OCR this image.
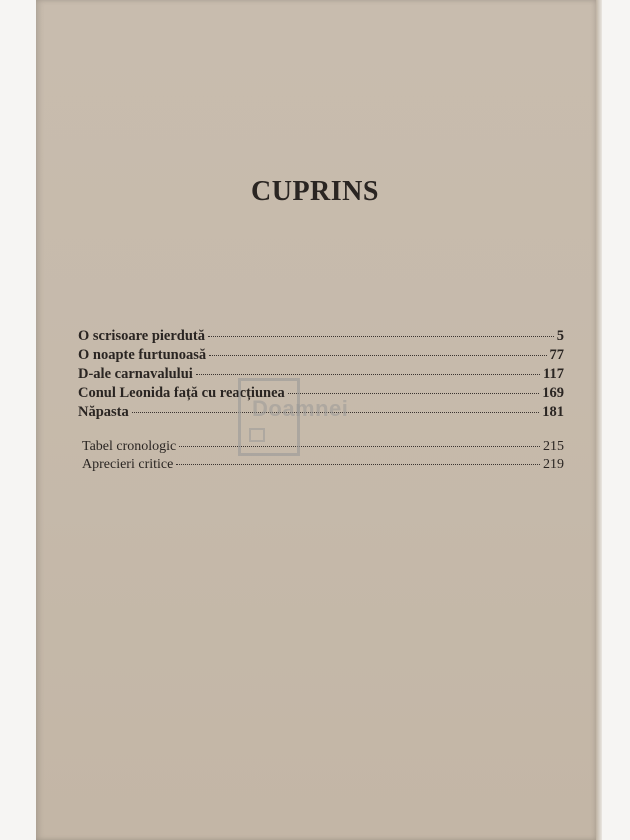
CUPRINS
O scrisoare pierdută	5
O noapte furtunoasă	77
D-ale carnavalului	117
Conul Leonida față cu reacțiunea	169
Năpasta	181
Tabel cronologic	215
Aprecieri critice	219
Doamnei
